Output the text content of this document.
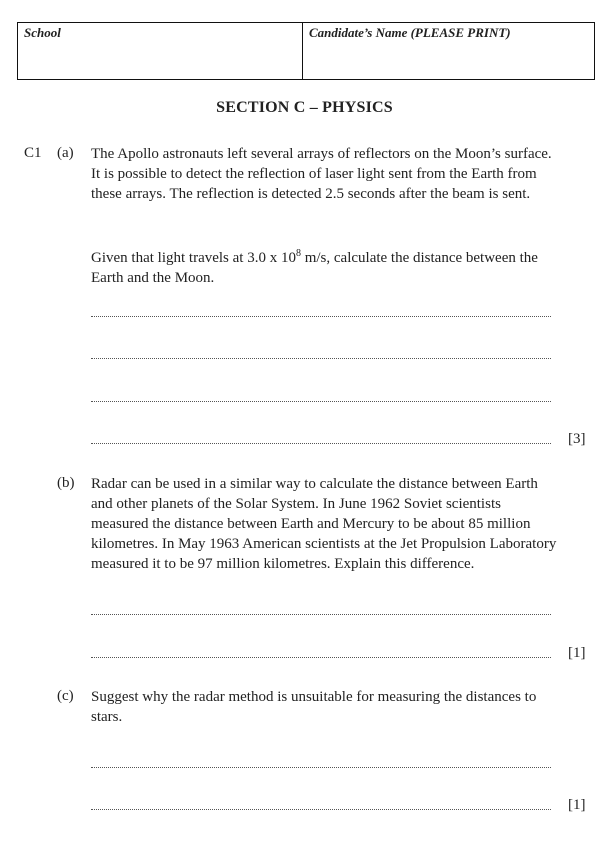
School	Candidate’s Name (PLEASE PRINT)
SECTION C – PHYSICS
C1 (a) The Apollo astronauts left several arrays of reflectors on the Moon’s surface. It is possible to detect the reflection of laser light sent from the Earth from these arrays. The reflection is detected 2.5 seconds after the beam is sent.

Given that light travels at 3.0 x $10^8$ m/s, calculate the distance between the Earth and the Moon.

[3]
(b) Radar can be used in a similar way to calculate the distance between Earth and other planets of the Solar System. In June 1962 Soviet scientists measured the distance between Earth and Mercury to be about 85 million kilometres. In May 1963 American scientists at the Jet Propulsion Laboratory measured it to be 97 million kilometres. Explain this difference.

[1]
(c) Suggest why the radar method is unsuitable for measuring the distances to stars.

[1]
